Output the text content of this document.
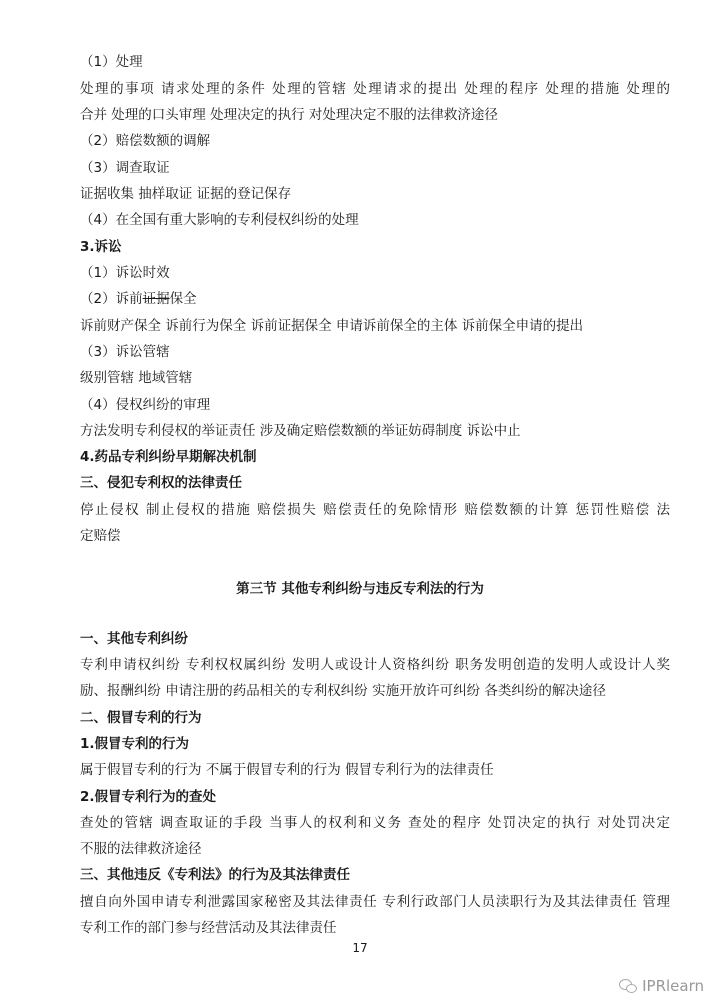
（1）处理
处理的事项 请求处理的条件 处理的管辖 处理请求的提出 处理的程序 处理的措施 处理的
合并 处理的口头审理 处理决定的执行 对处理决定不服的法律救济途径
（2）赔偿数额的调解
（3）调查取证
证据收集 抽样取证 证据的登记保存
（4）在全国有重大影响的专利侵权纠纷的处理
3.诉讼
（1）诉讼时效
（2）诉前证据保全
诉前财产保全 诉前行为保全 诉前证据保全 申请诉前保全的主体 诉前保全申请的提出
（3）诉讼管辖
级别管辖 地域管辖
（4）侵权纠纷的审理
方法发明专利侵权的举证责任 涉及确定赔偿数额的举证妨碍制度 诉讼中止
4.药品专利纠纷早期解决机制
三、侵犯专利权的法律责任
停止侵权 制止侵权的措施 赔偿损失 赔偿责任的免除情形 赔偿数额的计算 惩罚性赔偿 法
定赔偿
第三节 其他专利纠纷与违反专利法的行为
一、其他专利纠纷
专利申请权纠纷 专利权权属纠纷 发明人或设计人资格纠纷 职务发明创造的发明人或设计人奖
励、报酬纠纷 申请注册的药品相关的专利权纠纷 实施开放许可纠纷 各类纠纷的解决途径
二、假冒专利的行为
1.假冒专利的行为
属于假冒专利的行为 不属于假冒专利的行为 假冒专利行为的法律责任
2.假冒专利行为的查处
查处的管辖 调查取证的手段 当事人的权利和义务 查处的程序 处罚决定的执行 对处罚决定
不服的法律救济途径
三、其他违反《专利法》的行为及其法律责任
擅自向外国申请专利泄露国家秘密及其法律责任 专利行政部门人员渎职行为及其法律责任 管理
专利工作的部门参与经营活动及其法律责任
17
IPRlearn
